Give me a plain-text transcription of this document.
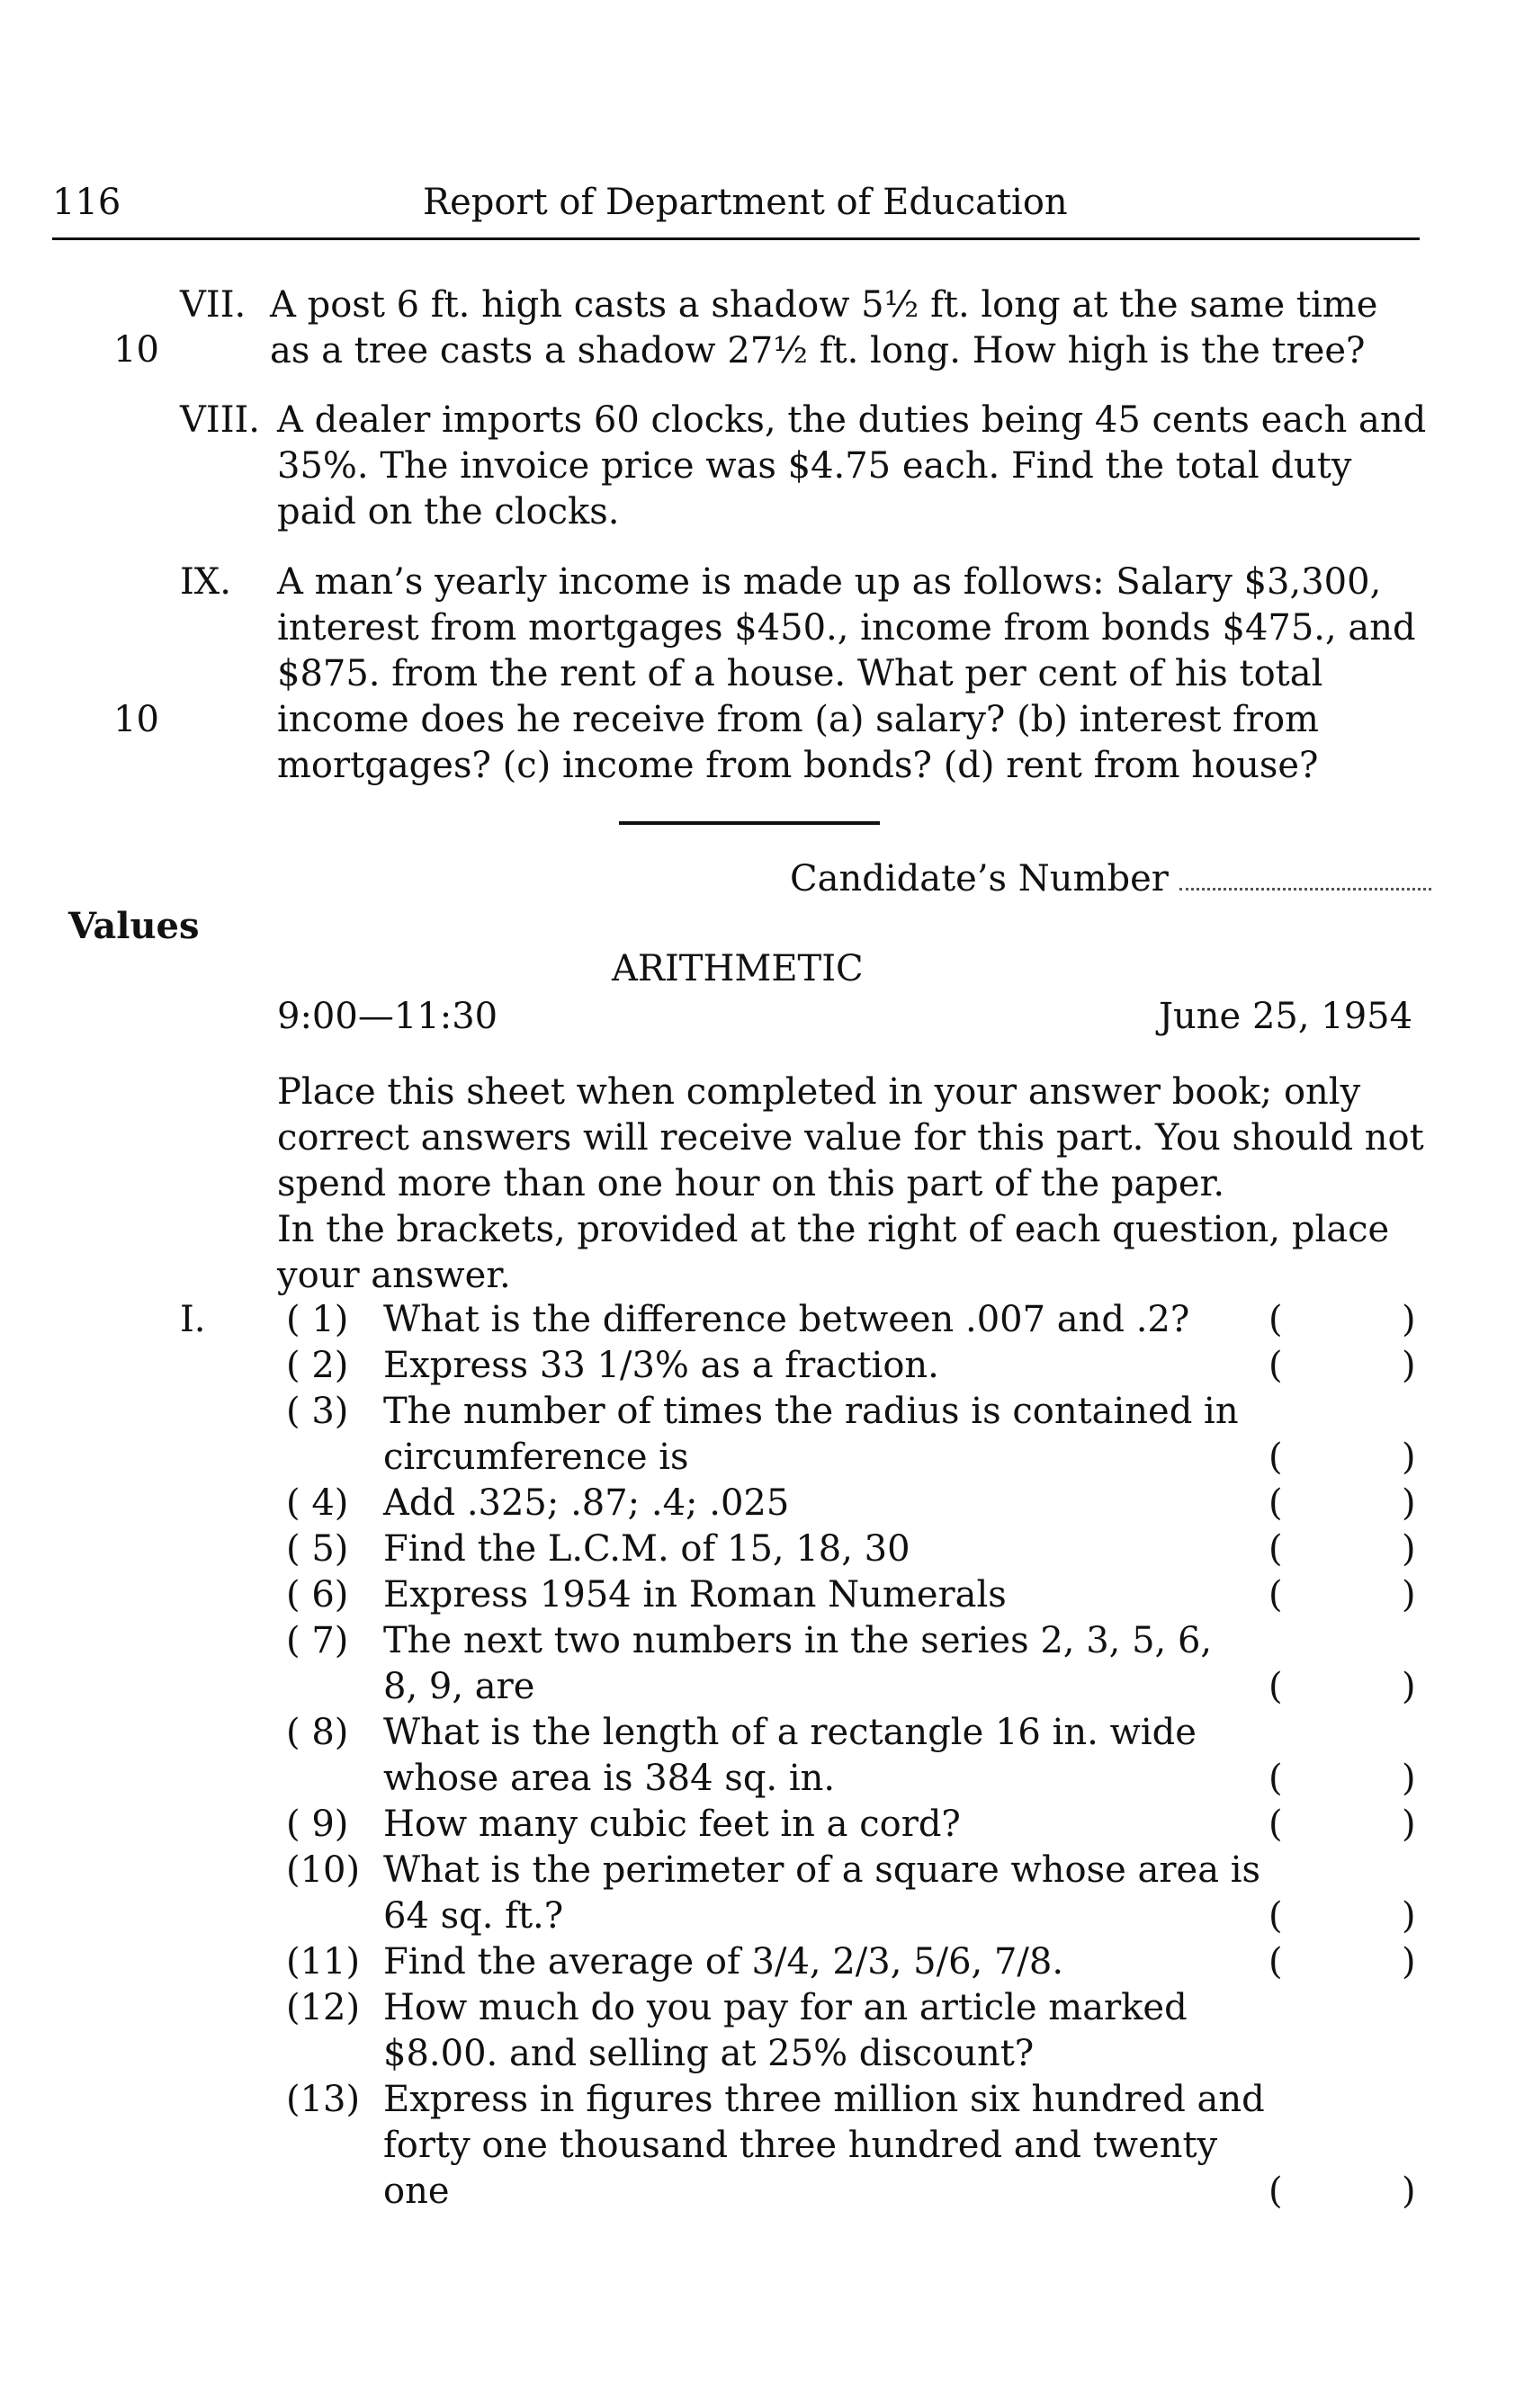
116	Report of Department of Education
VII. A post 6 ft. high casts a shadow 5½ ft. long at the same time
10	as a tree casts a shadow 27½ ft. long. How high is the tree?
VIII. A dealer imports 60 clocks, the duties being 45 cents each and
35%. The invoice price was $4.75 each. Find the total duty
paid on the clocks.
IX. A man’s yearly income is made up as follows: Salary $3,300,
interest from mortgages $450., income from bonds $475., and
$875. from the rent of a house. What per cent of his total
10	income does he receive from (a) salary? (b) interest from
mortgages? (c) income from bonds? (d) rent from house?
Candidate’s Number
Values
ARITHMETIC
9:00—11:30	June 25, 1954
Place this sheet when completed in your answer book; only
correct answers will receive value for this part. You should not
spend more than one hour on this part of the paper.
In the brackets, provided at the right of each question, place
your answer.
I. ( 1) What is the difference between .007 and .2? (	)
( 2) Express 33 1/3% as a fraction.	(	)
( 3) The number of times the radius is contained in
circumference is	(	)
( 4) Add .325; .87; .4; .025	(	)
( 5) Find the L.C.M. of 15, 18, 30	(	)
( 6) Express 1954 in Roman Numerals	(	)
( 7) The next two numbers in the series 2, 3, 5, 6,
8, 9, are	(	)
( 8) What is the length of a rectangle 16 in. wide
whose area is 384 sq. in.	(	)
( 9) How many cubic feet in a cord?	(	)
(10) What is the perimeter of a square whose area is
64 sq. ft.?	(	)
(11) Find the average of 3/4, 2/3, 5/6, 7/8.	(	)
(12) How much do you pay for an article marked
$8.00. and selling at 25% discount?
(13) Express in figures three million six hundred and
forty one thousand three hundred and twenty
one	(	)
